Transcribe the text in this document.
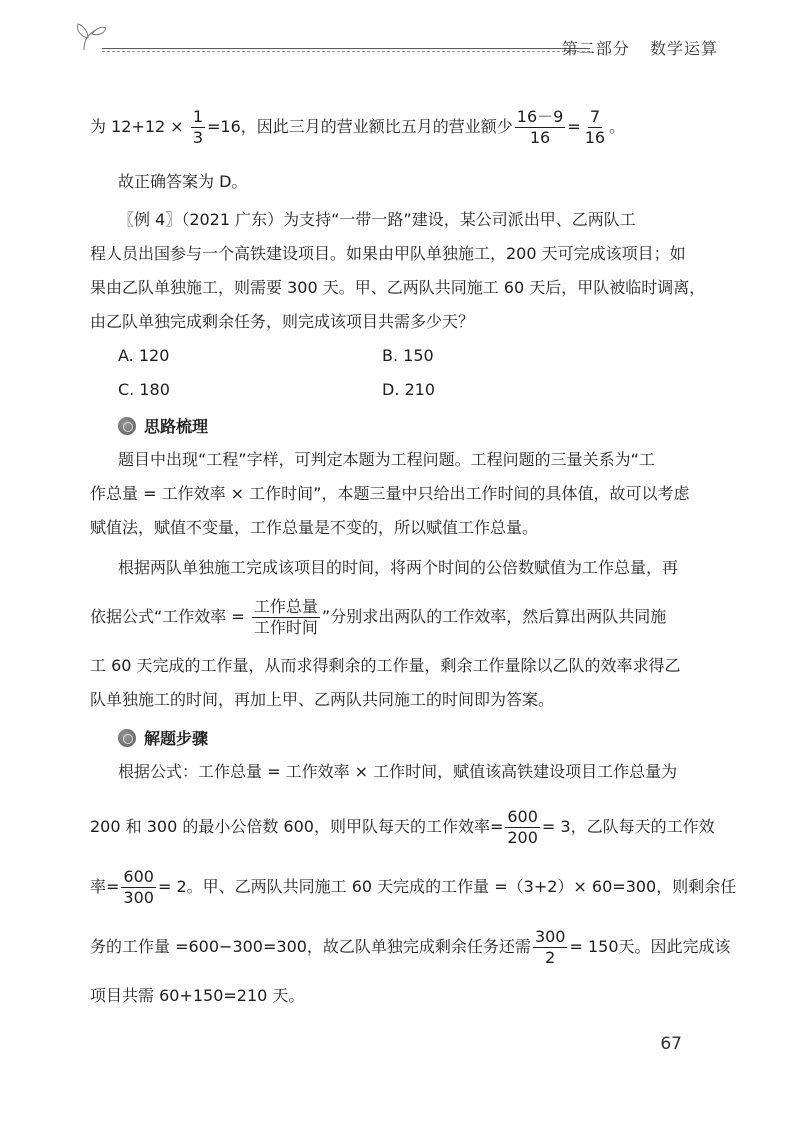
第二部分 数学运算
为 $12+12 \times \frac{1}{3} =16$，因此三月的营业额比五月的营业额少 $\frac{16-9}{16} = \frac{7}{16}$ 。
故正确答案为 D。
〖例 4〗（2021 广东）为支持“一带一路”建设，某公司派出甲、乙两队工
程人员出国参与一个高铁建设项目。如果由甲队单独施工，200 天可完成该项目；如
果由乙队单独施工，则需要 300 天。甲、乙两队共同施工 60 天后，甲队被临时调离，
由乙队单独完成剩余任务，则完成该项目共需多少天？
A. 120	B. 150
C. 180	D. 210
思路梳理
题目中出现“工程”字样，可判定本题为工程问题。工程问题的三量关系为“工
作总量 = 工作效率 × 工作时间”，本题三量中只给出工作时间的具体值，故可以考虑
赋值法，赋值不变量，工作总量是不变的，所以赋值工作总量。
根据两队单独施工完成该项目的时间，将两个时间的公倍数赋值为工作总量，再
依据公式“工作效率 = $\frac{\text{工作总量}}{\text{工作时间}}$ ”分别求出两队的工作效率，然后算出两队共同施
工 60 天完成的工作量，从而求得剩余的工作量，剩余工作量除以乙队的效率求得乙
队单独施工的时间，再加上甲、乙两队共同施工的时间即为答案。
解题步骤
根据公式：工作总量 = 工作效率 × 工作时间，赋值该高铁建设项目工作总量为
200 和 300 的最小公倍数 600，则甲队每天的工作效率= $\frac{600}{200} = 3$，乙队每天的工作效
率= $\frac{600}{300} = 2$。甲、乙两队共同施工 60 天完成的工作量 =（3+2）× 60=300，则剩余任
务的工作量 =600−300=300，故乙队单独完成剩余任务还需 $\frac{300}{2} = 150$天。因此完成该
项目共需 60+150=210 天。
67
